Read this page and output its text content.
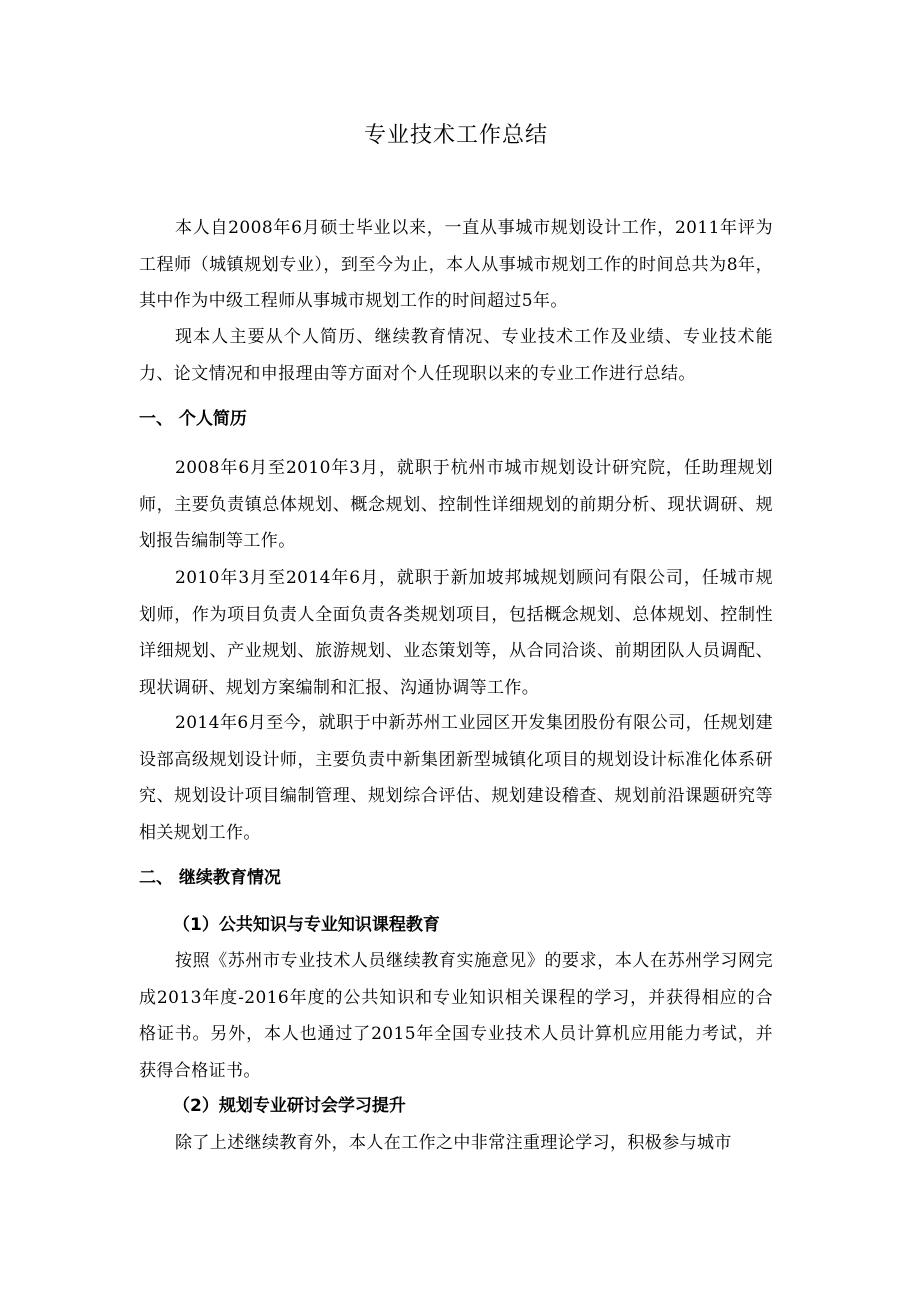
专业技术工作总结

本人自2008年6月硕士毕业以来，一直从事城市规划设计工作，2011年评为工程师（城镇规划专业），到至今为止，本人从事城市规划工作的时间总共为8年，其中作为中级工程师从事城市规划工作的时间超过5年。

现本人主要从个人简历、继续教育情况、专业技术工作及业绩、专业技术能力、论文情况和申报理由等方面对个人任现职以来的专业工作进行总结。

一、 个人简历

2008年6月至2010年3月，就职于杭州市城市规划设计研究院，任助理规划师，主要负责镇总体规划、概念规划、控制性详细规划的前期分析、现状调研、规划报告编制等工作。

2010年3月至2014年6月，就职于新加坡邦城规划顾问有限公司，任城市规划师，作为项目负责人全面负责各类规划项目，包括概念规划、总体规划、控制性详细规划、产业规划、旅游规划、业态策划等，从合同洽谈、前期团队人员调配、现状调研、规划方案编制和汇报、沟通协调等工作。

2014年6月至今，就职于中新苏州工业园区开发集团股份有限公司，任规划建设部高级规划设计师，主要负责中新集团新型城镇化项目的规划设计标准化体系研究、规划设计项目编制管理、规划综合评估、规划建设稽查、规划前沿课题研究等相关规划工作。

二、 继续教育情况
（1）公共知识与专业知识课程教育

按照《苏州市专业技术人员继续教育实施意见》的要求，本人在苏州学习网完成2013年度-2016年度的公共知识和专业知识相关课程的学习，并获得相应的合格证书。另外，本人也通过了2015年全国专业技术人员计算机应用能力考试，并获得合格证书。

（2）规划专业研讨会学习提升

除了上述继续教育外，本人在工作之中非常注重理论学习，积极参与城市
